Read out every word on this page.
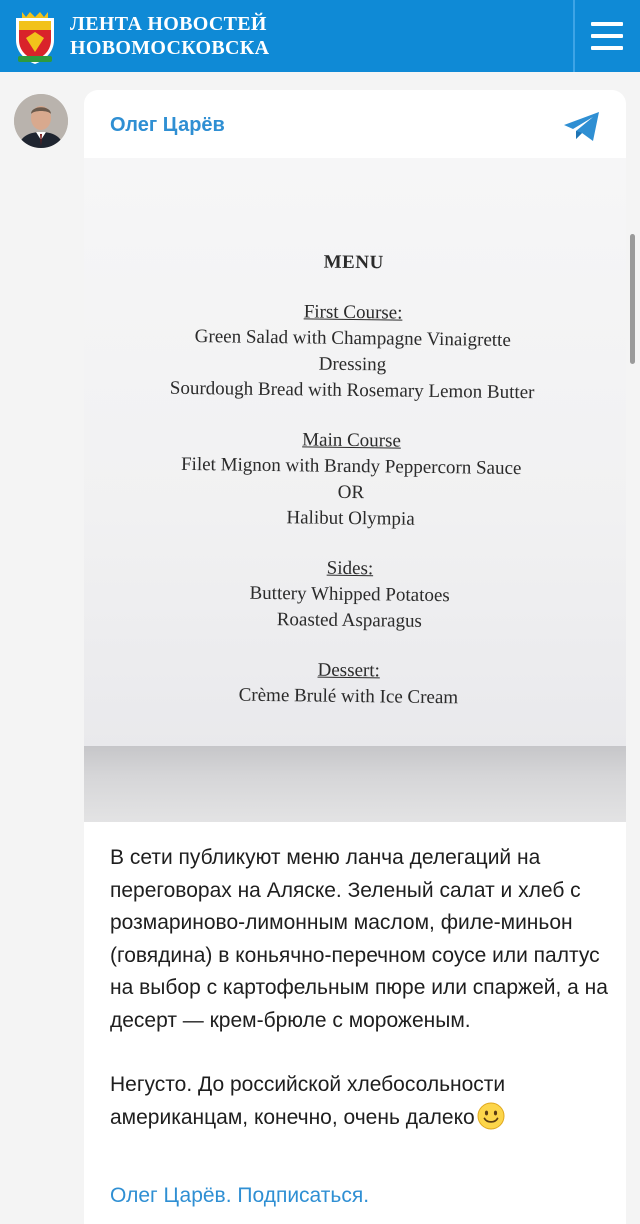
ЛЕНТА НОВОСТЕЙ
НОВОМОСКОВСКА
Олег Царёв
MENU
First Course:
Green Salad with Champagne Vinaigrette
Dressing
Sourdough Bread with Rosemary Lemon Butter
Main Course
Filet Mignon with Brandy Peppercorn Sauce
OR
Halibut Olympia
Sides:
Buttery Whipped Potatoes
Roasted Asparagus
Dessert:
Crème Brulé with Ice Cream

В сети публикуют меню ланча делегаций на переговорах на Аляске. Зеленый салат и хлеб с розмариново-лимонным маслом, филе-миньон (говядина) в коньячно-перечном соусе или палтус на выбор с картофельным пюре или спаржей, а на десерт — крем-брюле с мороженым.

Негусто. До российской хлебосольности американцам, конечно, очень далеко

Олег Царёв. Подписаться.
